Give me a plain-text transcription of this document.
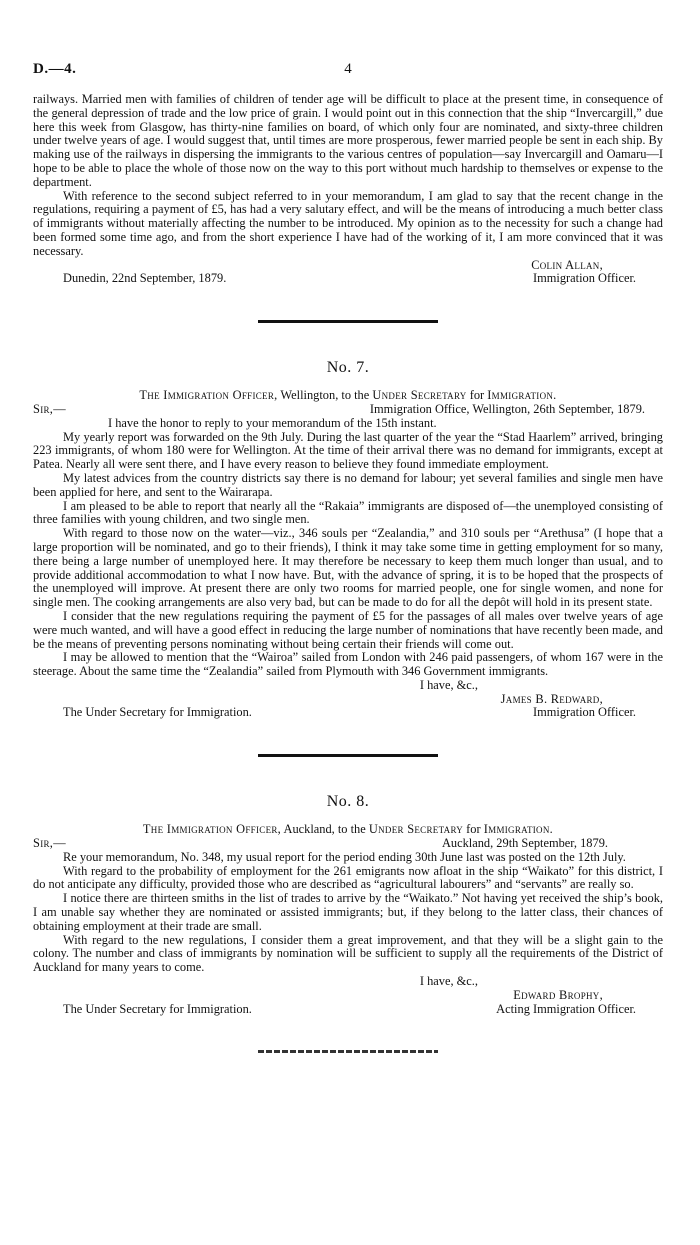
D.—4.	4

railways. Married men with families of children of tender age will be difficult to place at the present time, in consequence of the general depression of trade and the low price of grain. I would point out in this connection that the ship “Invercargill,” due here this week from Glasgow, has thirty-nine families on board, of which only four are nominated, and sixty-three children under twelve years of age. I would suggest that, until times are more prosperous, fewer married people be sent in each ship. By making use of the railways in dispersing the immigrants to the various centres of population—say Invercargill and Oamaru—I hope to be able to place the whole of those now on the way to this port without much hardship to themselves or expense to the department.

With reference to the second subject referred to in your memorandum, I am glad to say that the recent change in the regulations, requiring a payment of £5, has had a very salutary effect, and will be the means of introducing a much better class of immigrants without materially affecting the number to be introduced. My opinion as to the necessity for such a change had been formed some time ago, and from the short experience I have had of the working of it, I am more convinced that it was necessary.

Colin Allan,
Dunedin, 22nd September, 1879.	Immigration Officer.
No. 7.
The Immigration Officer, Wellington, to the Under Secretary for Immigration.
Sir,—	Immigration Office, Wellington, 26th September, 1879.

I have the honor to reply to your memorandum of the 15th instant.

My yearly report was forwarded on the 9th July. During the last quarter of the year the “Stad Haarlem” arrived, bringing 223 immigrants, of whom 180 were for Wellington. At the time of their arrival there was no demand for immigrants, except at Patea. Nearly all were sent there, and I have every reason to believe they found immediate employment.

My latest advices from the country districts say there is no demand for labour; yet several families and single men have been applied for here, and sent to the Wairarapa.

I am pleased to be able to report that nearly all the “Rakaia” immigrants are disposed of—the unemployed consisting of three families with young children, and two single men.

With regard to those now on the water—viz., 346 souls per “Zealandia,” and 310 souls per “Arethusa” (I hope that a large proportion will be nominated, and go to their friends), I think it may take some time in getting employment for so many, there being a large number of unemployed here. It may therefore be necessary to keep them much longer than usual, and to provide additional accommodation to what I now have. But, with the advance of spring, it is to be hoped that the prospects of the unemployed will improve. At present there are only two rooms for married people, one for single women, and none for single men. The cooking arrangements are also very bad, but can be made to do for all the depôt will hold in its present state.

I consider that the new regulations requiring the payment of £5 for the passages of all males over twelve years of age were much wanted, and will have a good effect in reducing the large number of nominations that have recently been made, and be the means of preventing persons nominating without being certain their friends will come out.

I may be allowed to mention that the “Wairoa” sailed from London with 246 paid passengers, of whom 167 were in the steerage. About the same time the “Zealandia” sailed from Plymouth with 346 Government immigrants.

I have, &c.,
James B. Redward,
The Under Secretary for Immigration.	Immigration Officer.
No. 8.
The Immigration Officer, Auckland, to the Under Secretary for Immigration.
Sir,—	Auckland, 29th September, 1879.

Re your memorandum, No. 348, my usual report for the period ending 30th June last was posted on the 12th July.

With regard to the probability of employment for the 261 emigrants now afloat in the ship “Waikato” for this district, I do not anticipate any difficulty, provided those who are described as “agricultural labourers” and “servants” are really so.

I notice there are thirteen smiths in the list of trades to arrive by the “Waikato.” Not having yet received the ship’s book, I am unable say whether they are nominated or assisted immigrants; but, if they belong to the latter class, their chances of obtaining employment at their trade are small.

With regard to the new regulations, I consider them a great improvement, and that they will be a slight gain to the colony. The number and class of immigrants by nomination will be sufficient to supply all the requirements of the District of Auckland for many years to come.

I have, &c.,
Edward Brophy,
The Under Secretary for Immigration.	Acting Immigration Officer.
